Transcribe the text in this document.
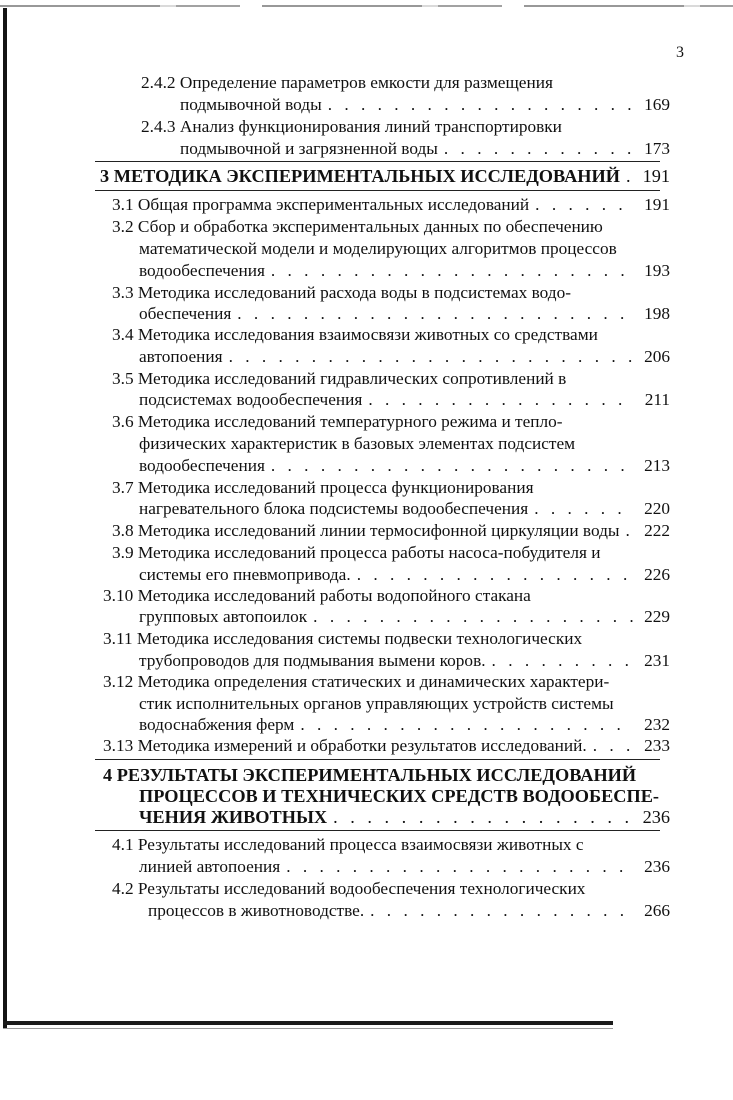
3
2.4.2 Определение параметров емкости для размещения
подмывочной воды . . .	169
2.4.3 Анализ функционирования линий транспортировки
подмывочной и загрязненной воды . . .	173
3 МЕТОДИКА ЭКСПЕРИМЕНТАЛЬНЫХ ИССЛЕДОВАНИЙ . . .	191
3.1 Общая программа экспериментальных исследований . . .	191
3.2 Сбор и обработка экспериментальных данных по обеспечению
математической модели и моделирующих алгоритмов процессов
водообеспечения . . .	193
3.3 Методика исследований расхода воды в подсистемах водо-
обеспечения . . .	198
3.4 Методика исследования взаимосвязи животных со средствами
автопоения . . .	206
3.5 Методика исследований гидравлических сопротивлений в
подсистемах водообеспечения . . .	211
3.6 Методика исследований температурного режима и тепло-
физических характеристик в базовых элементах подсистем
водообеспечения . . .	213
3.7 Методика исследований процесса функционирования
нагревательного блока подсистемы водообеспечения . . .	220
3.8 Методика исследований линии термосифонной циркуляции воды . . .	222
3.9 Методика исследований процесса работы насоса-побудителя и
системы его пневмопривода. . . .	226
3.10 Методика исследований работы водопойного стакана
групповых автопоилок . . .	229
3.11 Методика исследования системы подвески технологических
трубопроводов для подмывания вымени коров. . . .	231
3.12 Методика определения статических и динамических характери-
стик исполнительных органов управляющих устройств системы
водоснабжения ферм . . .	232
3.13 Методика измерений и обработки результатов исследований. . . .	233
4 РЕЗУЛЬТАТЫ ЭКСПЕРИМЕНТАЛЬНЫХ ИССЛЕДОВАНИЙ
ПРОЦЕССОВ И ТЕХНИЧЕСКИХ СРЕДСТВ ВОДООБЕСПЕ-
ЧЕНИЯ ЖИВОТНЫХ . . .	236
4.1 Результаты исследований процесса взаимосвязи животных с
линией автопоения . . .	236
4.2 Результаты исследований водообеспечения технологических
процессов в животноводстве. . . .	266
